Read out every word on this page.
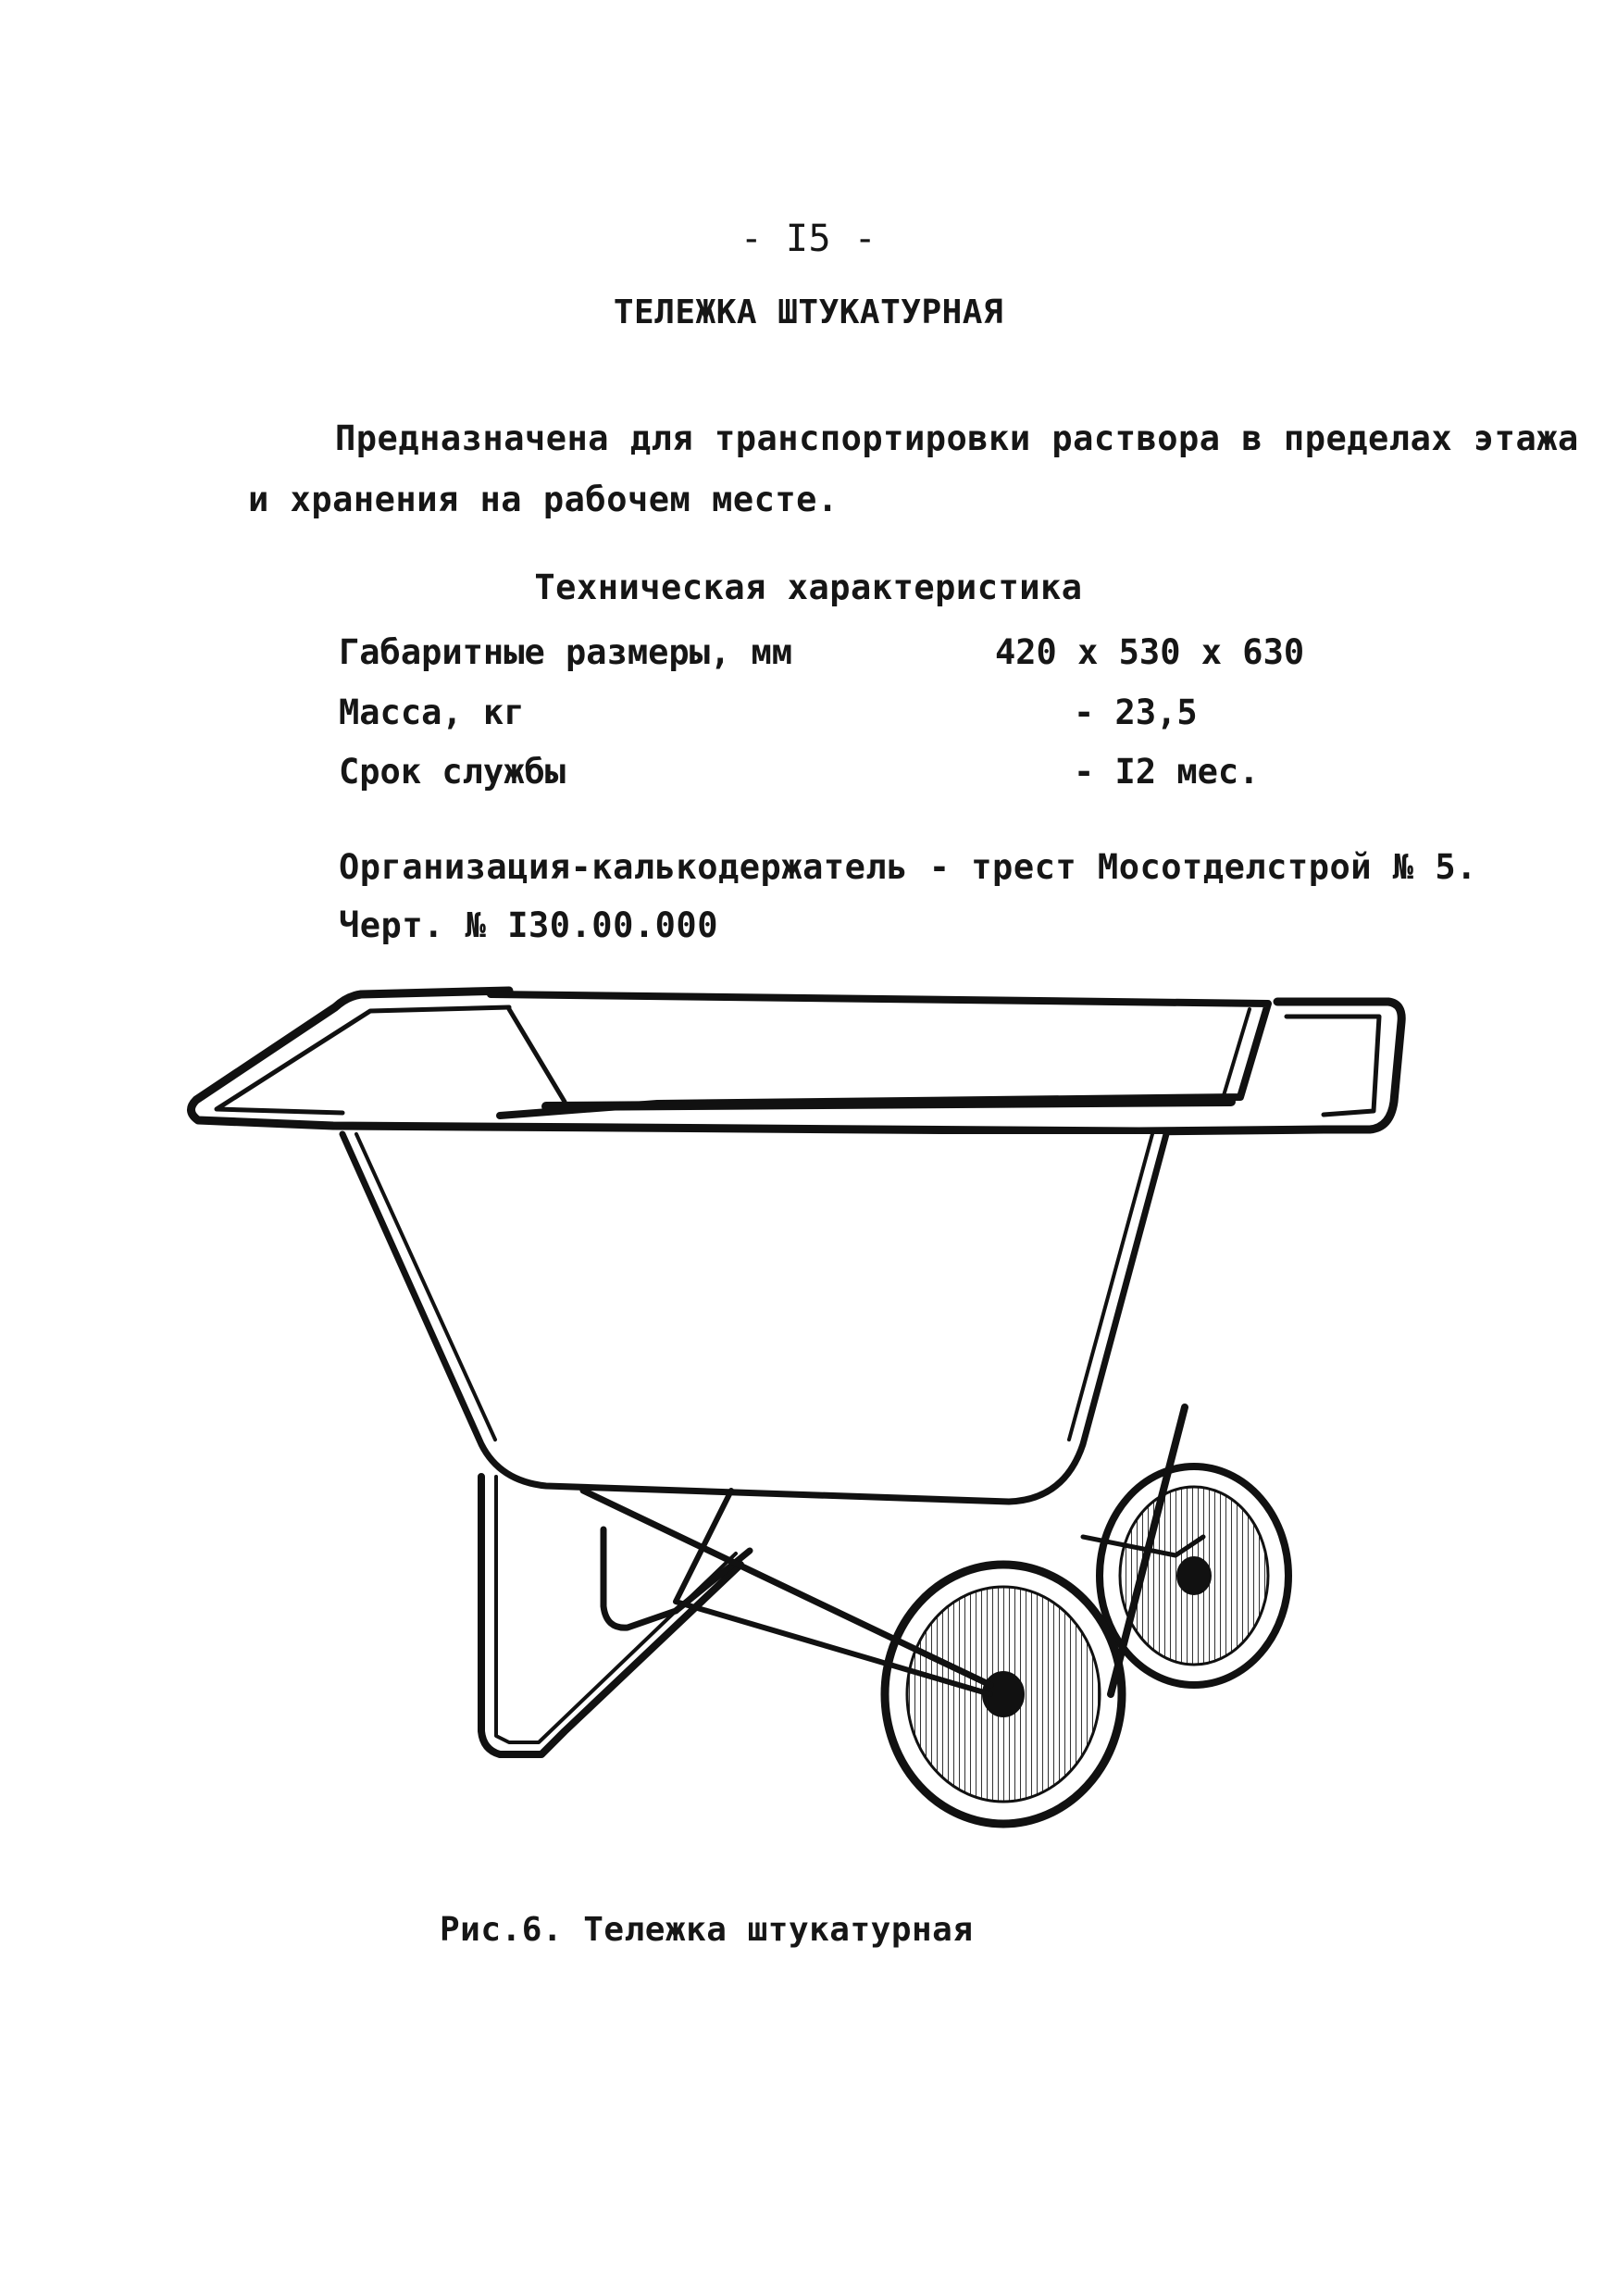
- I5 -
ТЕЛЕЖКА ШТУКАТУРНАЯ
Предназначена для транспортировки раствора в пределах этажа
и хранения на рабочем месте.
Техническая характеристика
Габаритные размеры, мм	420 х 530 х 630
Масса, кг	- 23,5
Срок службы	- I2 мес.
Организация-калькодержатель - трест Мосотделстрой № 5.
Черт. № I30.00.000
Рис.6. Тележка штукатурная
